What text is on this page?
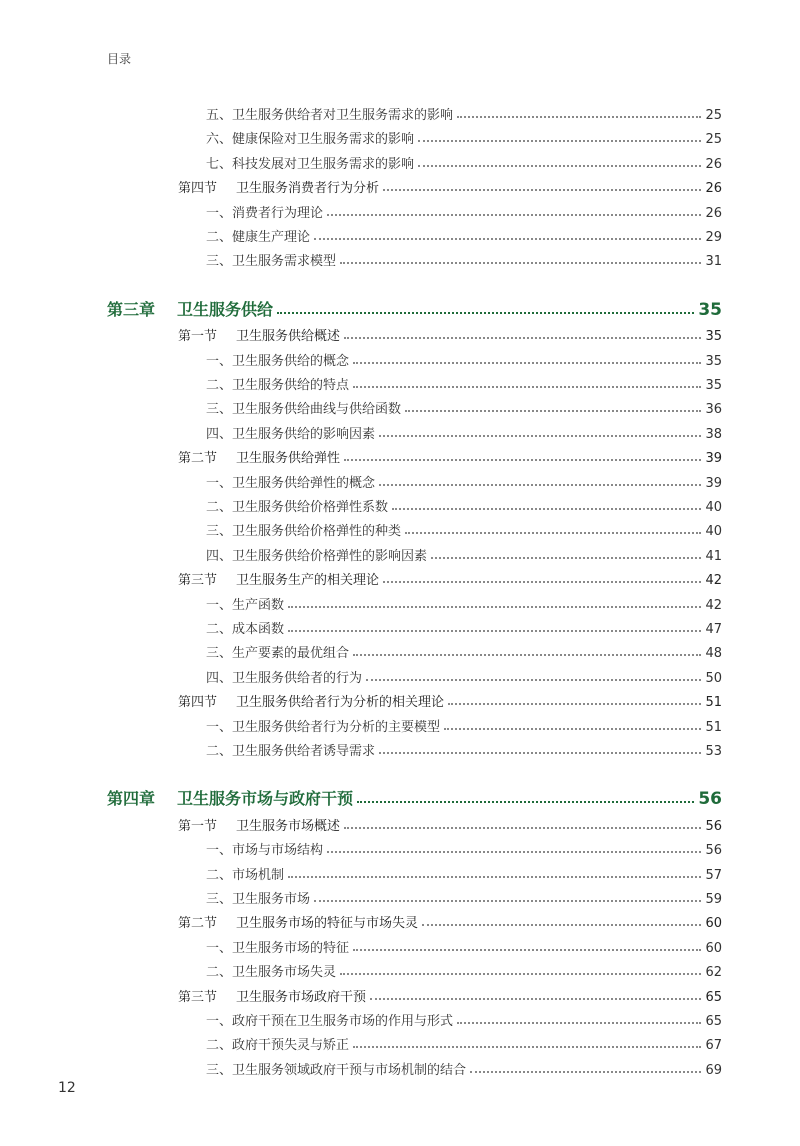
目录
五、卫生服务供给者对卫生服务需求的影响	25
六、健康保险对卫生服务需求的影响	25
七、科技发展对卫生服务需求的影响	26
第四节 卫生服务消费者行为分析	26
一、消费者行为理论	26
二、健康生产理论	29
三、卫生服务需求模型	31
第三章 卫生服务供给	35
第一节 卫生服务供给概述	35
一、卫生服务供给的概念	35
二、卫生服务供给的特点	35
三、卫生服务供给曲线与供给函数	36
四、卫生服务供给的影响因素	38
第二节 卫生服务供给弹性	39
一、卫生服务供给弹性的概念	39
二、卫生服务供给价格弹性系数	40
三、卫生服务供给价格弹性的种类	40
四、卫生服务供给价格弹性的影响因素	41
第三节 卫生服务生产的相关理论	42
一、生产函数	42
二、成本函数	47
三、生产要素的最优组合	48
四、卫生服务供给者的行为	50
第四节 卫生服务供给者行为分析的相关理论	51
一、卫生服务供给者行为分析的主要模型	51
二、卫生服务供给者诱导需求	53
第四章 卫生服务市场与政府干预	56
第一节 卫生服务市场概述	56
一、市场与市场结构	56
二、市场机制	57
三、卫生服务市场	59
第二节 卫生服务市场的特征与市场失灵	60
一、卫生服务市场的特征	60
二、卫生服务市场失灵	62
第三节 卫生服务市场政府干预	65
一、政府干预在卫生服务市场的作用与形式	65
二、政府干预失灵与矫正	67
三、卫生服务领域政府干预与市场机制的结合	69
12
